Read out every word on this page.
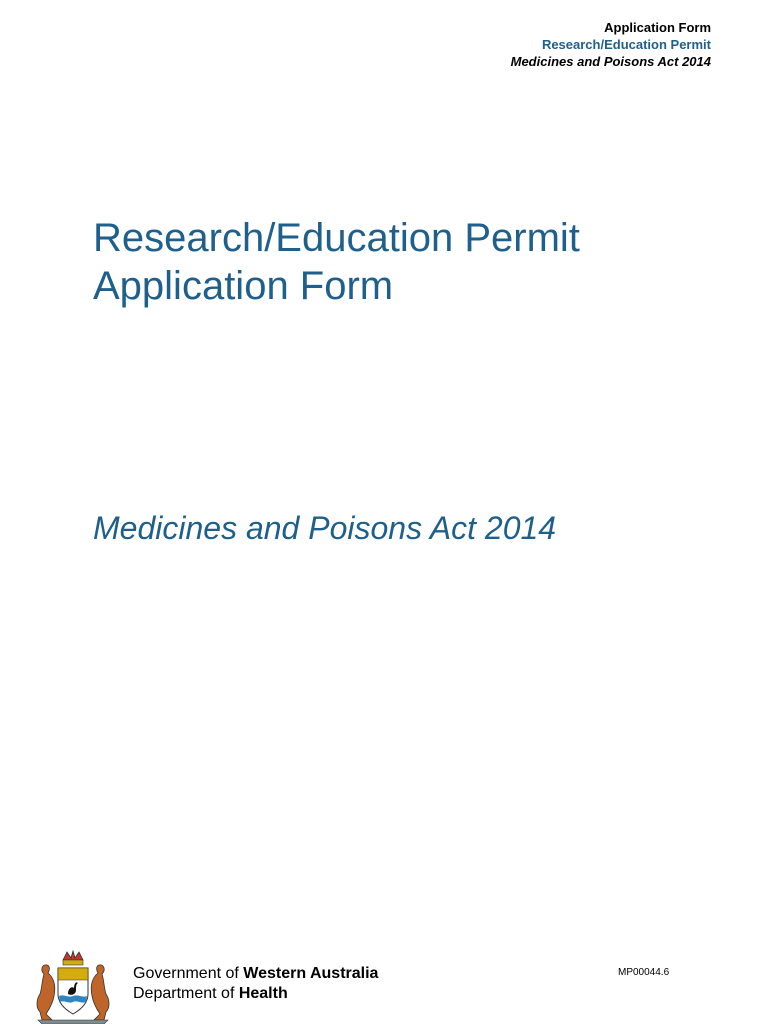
Application Form
Research/Education Permit
Medicines and Poisons Act 2014
Research/Education Permit
Application Form
Medicines and Poisons Act 2014
Government of Western Australia
Department of Health
MP00044.6
